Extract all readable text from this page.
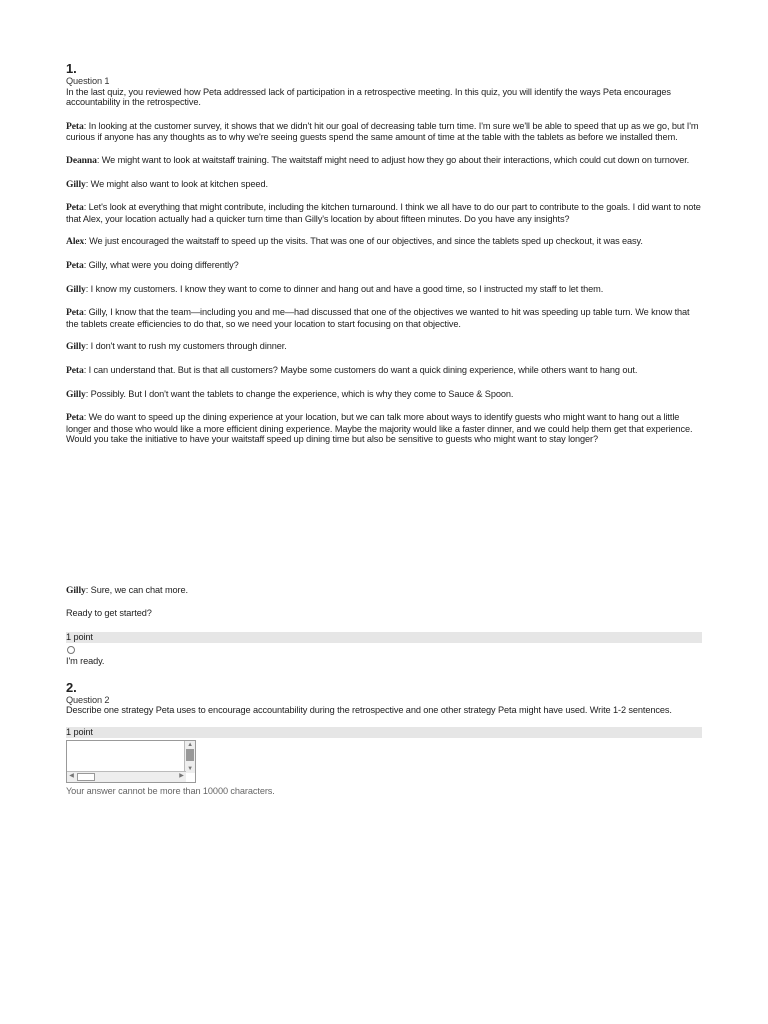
1.

Question 1

In the last quiz, you reviewed how Peta addressed lack of participation in a retrospective meeting. In this quiz, you will identify the ways Peta encourages accountability in the retrospective.

Peta: In looking at the customer survey, it shows that we didn't hit our goal of decreasing table turn time. I'm sure we'll be able to speed that up as we go, but I'm curious if anyone has any thoughts as to why we're seeing guests spend the same amount of time at the table with the tablets as before we installed them.

Deanna: We might want to look at waitstaff training. The waitstaff might need to adjust how they go about their interactions, which could cut down on turnover.

Gilly: We might also want to look at kitchen speed.

Peta: Let's look at everything that might contribute, including the kitchen turnaround. I think we all have to do our part to contribute to the goals. I did want to note that Alex, your location actually had a quicker turn time than Gilly's location by about fifteen minutes. Do you have any insights?

Alex: We just encouraged the waitstaff to speed up the visits. That was one of our objectives, and since the tablets sped up checkout, it was easy.

Peta: Gilly, what were you doing differently?

Gilly: I know my customers. I know they want to come to dinner and hang out and have a good time, so I instructed my staff to let them.

Peta: Gilly, I know that the team—including you and me—had discussed that one of the objectives we wanted to hit was speeding up table turn. We know that the tablets create efficiencies to do that, so we need your location to start focusing on that objective.

Gilly: I don't want to rush my customers through dinner.

Peta: I can understand that. But is that all customers? Maybe some customers do want a quick dining experience, while others want to hang out.

Gilly: Possibly. But I don't want the tablets to change the experience, which is why they come to Sauce & Spoon.

Peta: We do want to speed up the dining experience at your location, but we can talk more about ways to identify guests who might want to hang out a little longer and those who would like a more efficient dining experience. Maybe the majority would like a faster dinner, and we could help them get that experience. Would you take the initiative to have your waitstaff speed up dining time but also be sensitive to guests who might want to stay longer?

Gilly: Sure, we can chat more.

Ready to get started?

1 point

I'm ready.

2.

Question 2

Describe one strategy Peta uses to encourage accountability during the retrospective and one other strategy Peta might have used. Write 1-2 sentences.

1 point
▲
▼
◀	▶

Your answer cannot be more than 10000 characters.
